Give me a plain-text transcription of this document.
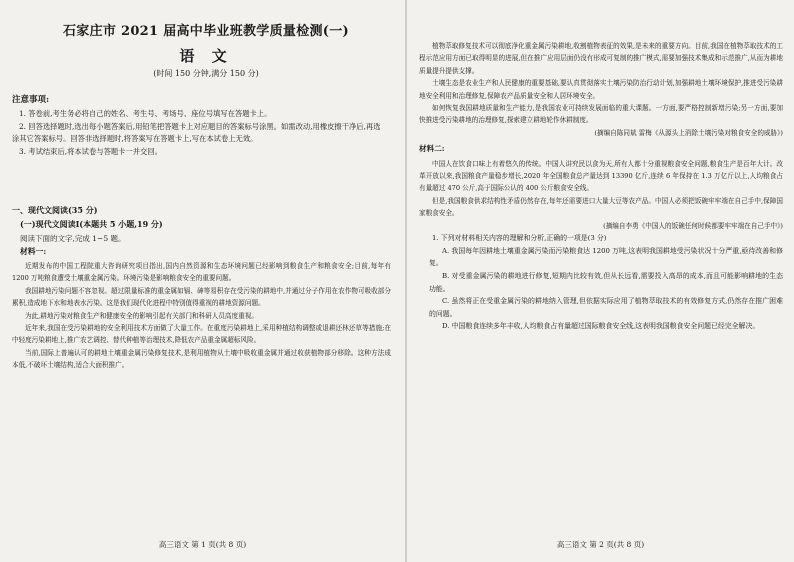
石家庄市 2021 届高中毕业班教学质量检测(一)
语 文
(时间 150 分钟,满分 150 分)
注意事项:

1. 答卷前,考生务必将自己的姓名、考生号、考场号、座位号填写在答题卡上。

2. 回答选择题时,选出每小题答案后,用铅笔把答题卡上对应题目的答案标号涂黑。如需改动,用橡皮擦干净后,再选涂其它答案标号。回答非选择题时,将答案写在答题卡上,写在本试卷上无效。

3. 考试结束后,将本试卷与答题卡一并交回。

一、现代文阅读(35 分)
(一)现代文阅读Ⅰ(本题共 5 小题,19 分)
阅读下面的文字,完成 1~5 题。
材料一:

近期发布的中国工程院重大咨询研究项目指出,国内自然资源和生态环境问题已经影响到粮食生产和粮食安全;目前,每年有 1200 万吨粮食遭受土壤重金属污染。环境污染是影响粮食安全的重要问题。

我国耕地污染问题不容忽视。超过限量标准的重金属如镉、砷等易积存在受污染的耕地中,并通过分子作用在农作物可吸收部分累积,造成地下水和地表水污染。这是我们现代化进程中特别值得重视的耕地资源问题。

为此,耕地污染对粮食生产和健康安全的影响引起有关部门和科研人员高度重视。

近年来,我国在受污染耕地的安全利用技术方面做了大量工作。在重度污染耕地上,采用种植结构调整或退耕还林还草等措施;在中轻度污染耕地上,推广农艺调控、替代种植等治理技术,降低农产品重金属超标风险。

当前,国际上普遍认可的耕地土壤重金属污染修复技术,是利用植物从土壤中吸收重金属并通过收获植物部分移除。这种方法成本低,不破坏土壤结构,适合大面积推广。

高三语文 第 1 页(共 8 页)

植物萃取修复技术可以彻底净化重金属污染耕地,收割植物表征的效果,是未来的重要方向。目前,我国在植物萃取技术的工程示范应用方面已取得明显的进展,但在推广应用层面仍没有形成可复制的推广模式,需要加强技术集成和示范推广,从而为耕地质量提升提供支撑。

土壤生态是农业生产和人民健康的重要基础,要认真贯彻落实土壤污染防治行动计划,加强耕地土壤环境保护,推进受污染耕地安全利用和治理修复,保障农产品质量安全和人居环境安全。

如何恢复我国耕地质量和生产能力,是我国农业可持续发展面临的重大课题。一方面,要严格控制新增污染;另一方面,要加快推进受污染耕地的治理修复,探索建立耕地轮作休耕制度。

(摘编自陈同斌 雷梅《从源头上消除土壤污染对粮食安全的威胁》)

材料二:

中国人在饮食口味上有着悠久的传统。中国人讲究民以食为天,所有人都十分重视粮食安全问题,粮食生产是百年大计。改革开放以来,我国粮食产量稳步增长,2020 年全国粮食总产量达到 13390 亿斤,连续 6 年保持在 1.3 万亿斤以上,人均粮食占有量超过 470 公斤,高于国际公认的 400 公斤粮食安全线。

但是,我国粮食供求结构性矛盾仍然存在,每年还需要进口大量大豆等农产品。中国人必须把饭碗牢牢端在自己手中,保障国家粮食安全。

(摘编自李勇《中国人的饭碗任何时候都要牢牢端在自己手中》)

1. 下列对材料相关内容的理解和分析,正确的一项是(3 分)

A. 我国每年因耕地土壤重金属污染而污染粮食达 1200 万吨,这表明我国耕地受污染状况十分严重,亟待改善和修复。

B. 对受重金属污染的耕地进行修复,短期内比较有效,但从长远看,需要投入高昂的成本,而且可能影响耕地的生态功能。

C. 虽然将正在受重金属污染的耕地纳入管理,但依据实际应用了植物萃取技术的有效修复方式,仍然存在推广困难的问题。

D. 中国粮食连续多年丰收,人均粮食占有量超过国际粮食安全线,这表明我国粮食安全问题已经完全解决。

高三语文 第 2 页(共 8 页)
